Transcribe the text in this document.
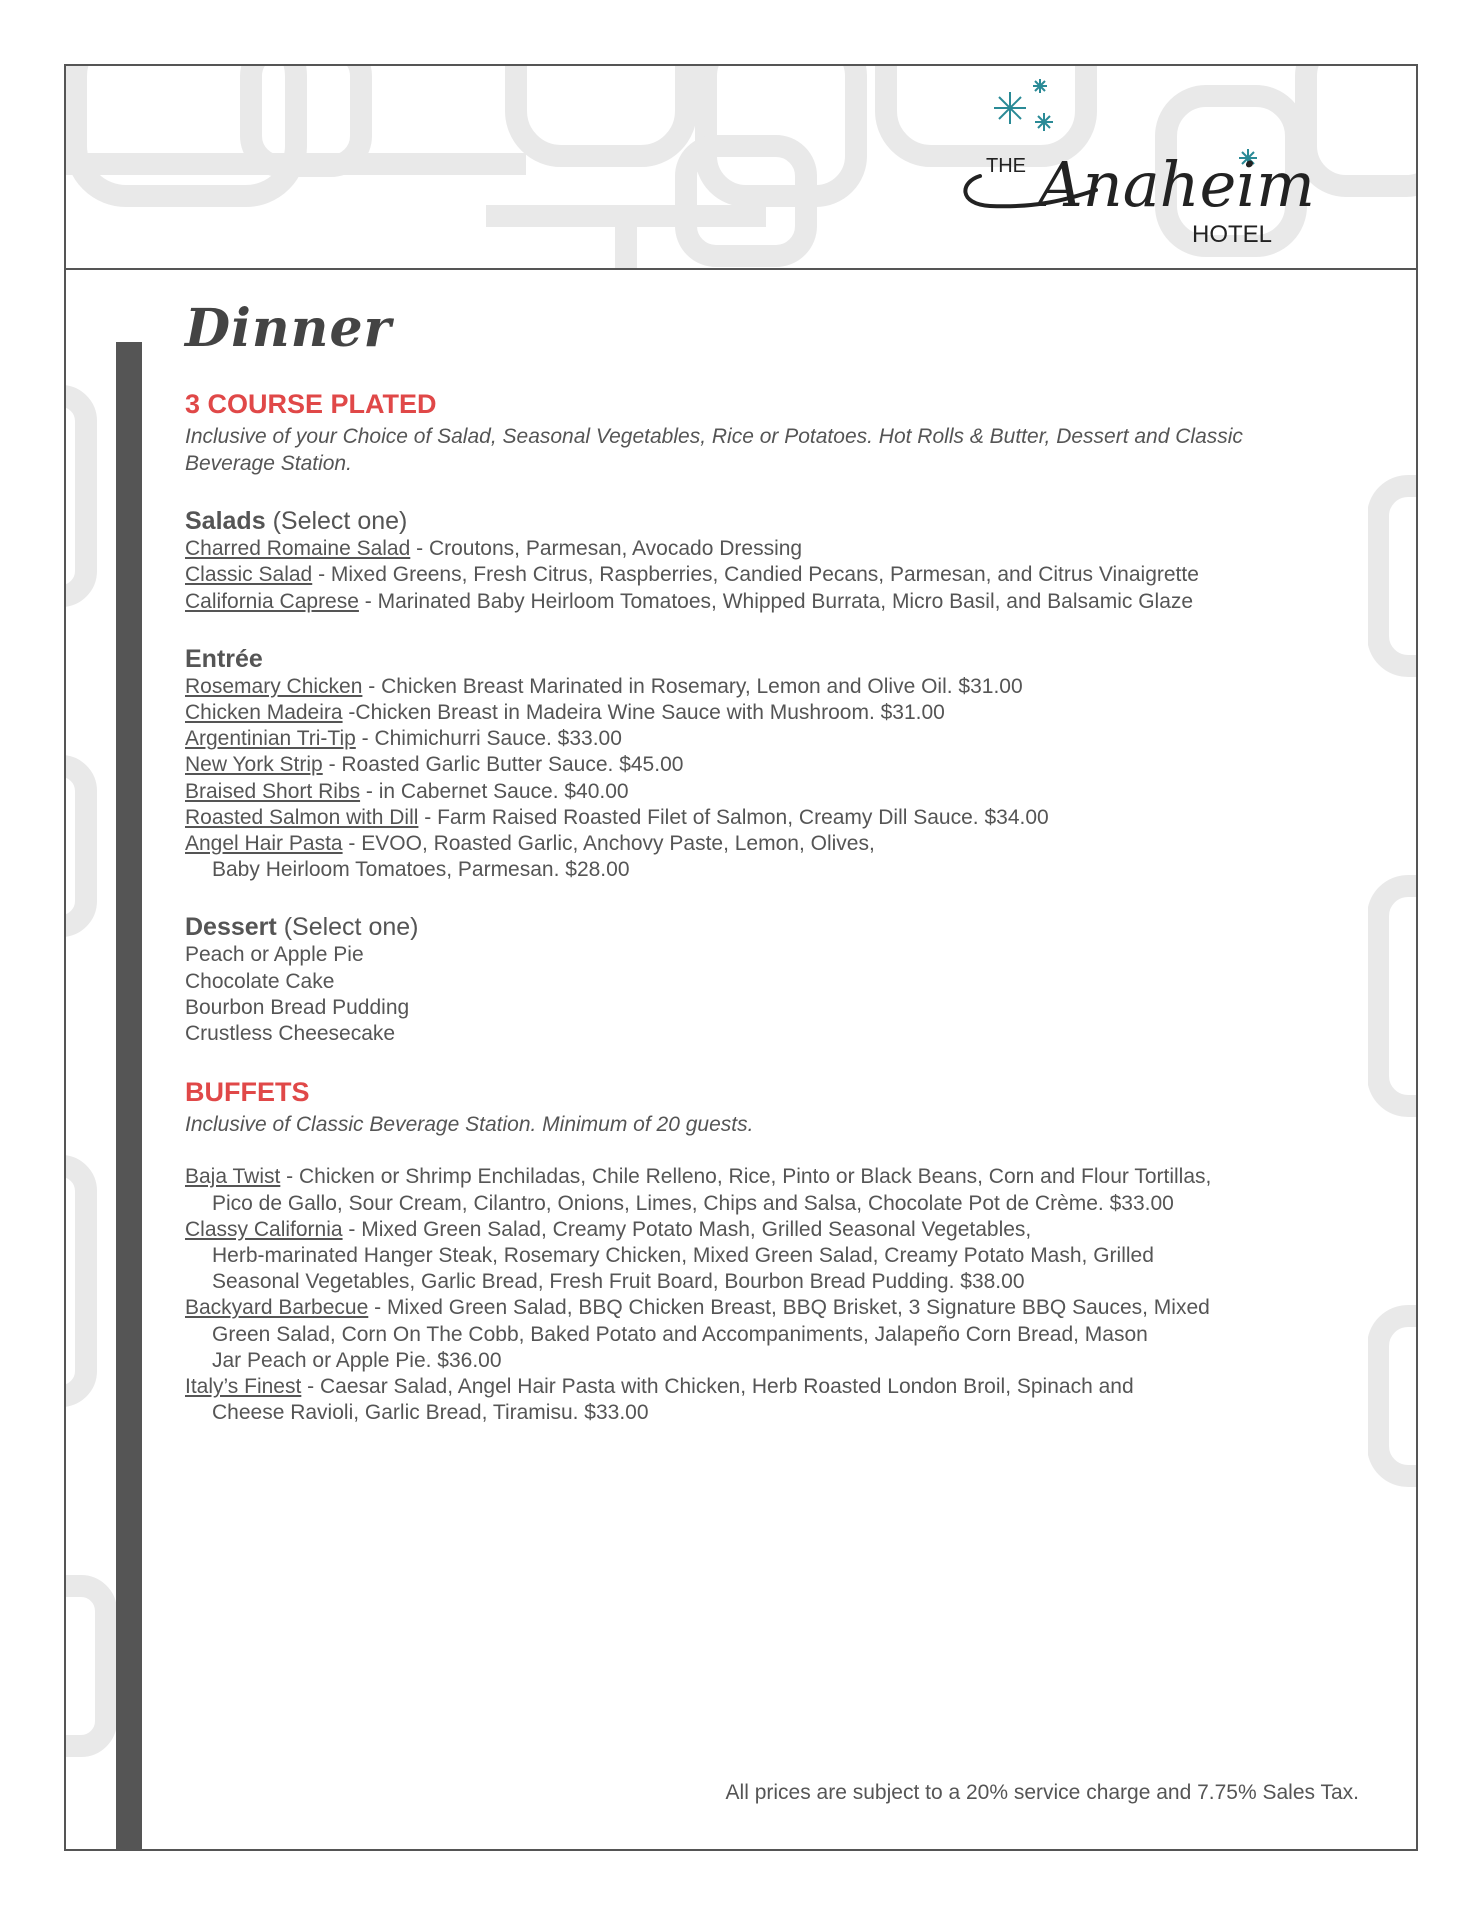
THE Anaheim
HOTEL
Dinner
3 COURSE PLATED

Inclusive of your Choice of Salad, Seasonal Vegetables, Rice or Potatoes. Hot Rolls & Butter, Dessert and Classic Beverage Station.

Salads (Select one)

Charred Romaine Salad - Croutons, Parmesan, Avocado Dressing

Classic Salad - Mixed Greens, Fresh Citrus, Raspberries, Candied Pecans, Parmesan, and Citrus Vinaigrette

California Caprese - Marinated Baby Heirloom Tomatoes, Whipped Burrata, Micro Basil, and Balsamic Glaze

Entrée

Rosemary Chicken - Chicken Breast Marinated in Rosemary, Lemon and Olive Oil. $31.00

Chicken Madeira -Chicken Breast in Madeira Wine Sauce with Mushroom. $31.00

Argentinian Tri-Tip - Chimichurri Sauce. $33.00

New York Strip - Roasted Garlic Butter Sauce. $45.00

Braised Short Ribs - in Cabernet Sauce. $40.00

Roasted Salmon with Dill - Farm Raised Roasted Filet of Salmon, Creamy Dill Sauce. $34.00

Angel Hair Pasta - EVOO, Roasted Garlic, Anchovy Paste, Lemon, Olives,

Baby Heirloom Tomatoes, Parmesan. $28.00

Dessert (Select one)

Peach or Apple Pie

Chocolate Cake

Bourbon Bread Pudding

Crustless Cheesecake

BUFFETS

Inclusive of Classic Beverage Station. Minimum of 20 guests.

Baja Twist - Chicken or Shrimp Enchiladas, Chile Relleno, Rice, Pinto or Black Beans, Corn and Flour Tortillas,

Pico de Gallo, Sour Cream, Cilantro, Onions, Limes, Chips and Salsa, Chocolate Pot de Crème. $33.00

Classy California - Mixed Green Salad, Creamy Potato Mash, Grilled Seasonal Vegetables,

Herb-marinated Hanger Steak, Rosemary Chicken, Mixed Green Salad, Creamy Potato Mash, Grilled

Seasonal Vegetables, Garlic Bread, Fresh Fruit Board, Bourbon Bread Pudding. $38.00

Backyard Barbecue - Mixed Green Salad, BBQ Chicken Breast, BBQ Brisket, 3 Signature BBQ Sauces, Mixed

Green Salad, Corn On The Cobb, Baked Potato and Accompaniments, Jalapeño Corn Bread, Mason

Jar Peach or Apple Pie. $36.00

Italy’s Finest - Caesar Salad, Angel Hair Pasta with Chicken, Herb Roasted London Broil, Spinach and

Cheese Ravioli, Garlic Bread, Tiramisu. $33.00

All prices are subject to a 20% service charge and 7.75% Sales Tax.
